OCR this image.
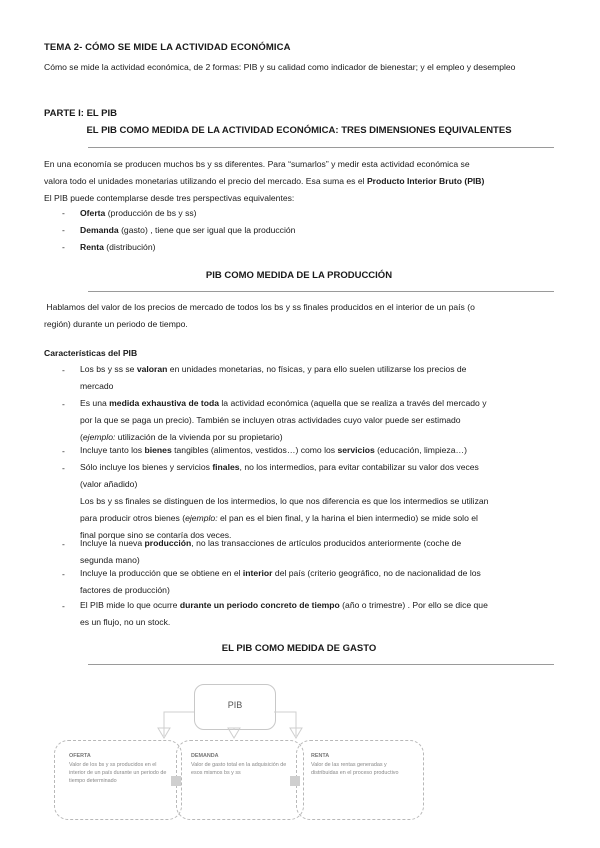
TEMA 2- CÓMO SE MIDE LA ACTIVIDAD ECONÓMICA
Cómo se mide la actividad económica, de 2 formas: PIB y su calidad como indicador de bienestar; y el empleo y desempleo
PARTE I: EL PIB
EL PIB COMO MEDIDA DE LA ACTIVIDAD ECONÓMICA: TRES DIMENSIONES EQUIVALENTES
En una economía se producen muchos bs y ss diferentes. Para “sumarlos” y medir esta actividad económica se
valora todo el unidades monetarias utilizando el precio del mercado. Esa suma es el Producto Interior Bruto (PIB)
El PIB puede contemplarse desde tres perspectivas equivalentes:
- Oferta (producción de bs y ss)
- Demanda (gasto) , tiene que ser igual que la producción
- Renta (distribución)
PIB COMO MEDIDA DE LA PRODUCCIÓN
Hablamos del valor de los precios de mercado de todos los bs y ss finales producidos en el interior de un país (o
región) durante un periodo de tiempo.
Características del PIB
- Los bs y ss se valoran en unidades monetarias, no físicas, y para ello suelen utilizarse los precios de
mercado
- Es una medida exhaustiva de toda la actividad económica (aquella que se realiza a través del mercado y
por la que se paga un precio). También se incluyen otras actividades cuyo valor puede ser estimado
(ejemplo: utilización de la vivienda por su propietario)
- Incluye tanto los bienes tangibles (alimentos, vestidos…) como los servicios (educación, limpieza…)
- Sólo incluye los bienes y servicios finales, no los intermedios, para evitar contabilizar su valor dos veces
(valor añadido)
Los bs y ss finales se distinguen de los intermedios, lo que nos diferencia es que los intermedios se utilizan
para producir otros bienes (ejemplo: el pan es el bien final, y la harina el bien intermedio) se mide solo el
final porque sino se contaría dos veces.
- Incluye la nueva producción, no las transacciones de artículos producidos anteriormente (coche de
segunda mano)
- Incluye la producción que se obtiene en el interior del país (criterio geográfico, no de nacionalidad de los
factores de producción)
- El PIB mide lo que ocurre durante un periodo concreto de tiempo (año o trimestre) . Por ello se dice que
es un flujo, no un stock.
EL PIB COMO MEDIDA DE GASTO
PIB
OFERTA
Valor de los bs y ss producidos en el interior de un país durante un periodo de tiempo determinado
DEMANDA
Valor de gasto total en la adquisición de esos mismos bs y ss
RENTA
Valor de las rentas generadas y distribuidas en el proceso productivo
